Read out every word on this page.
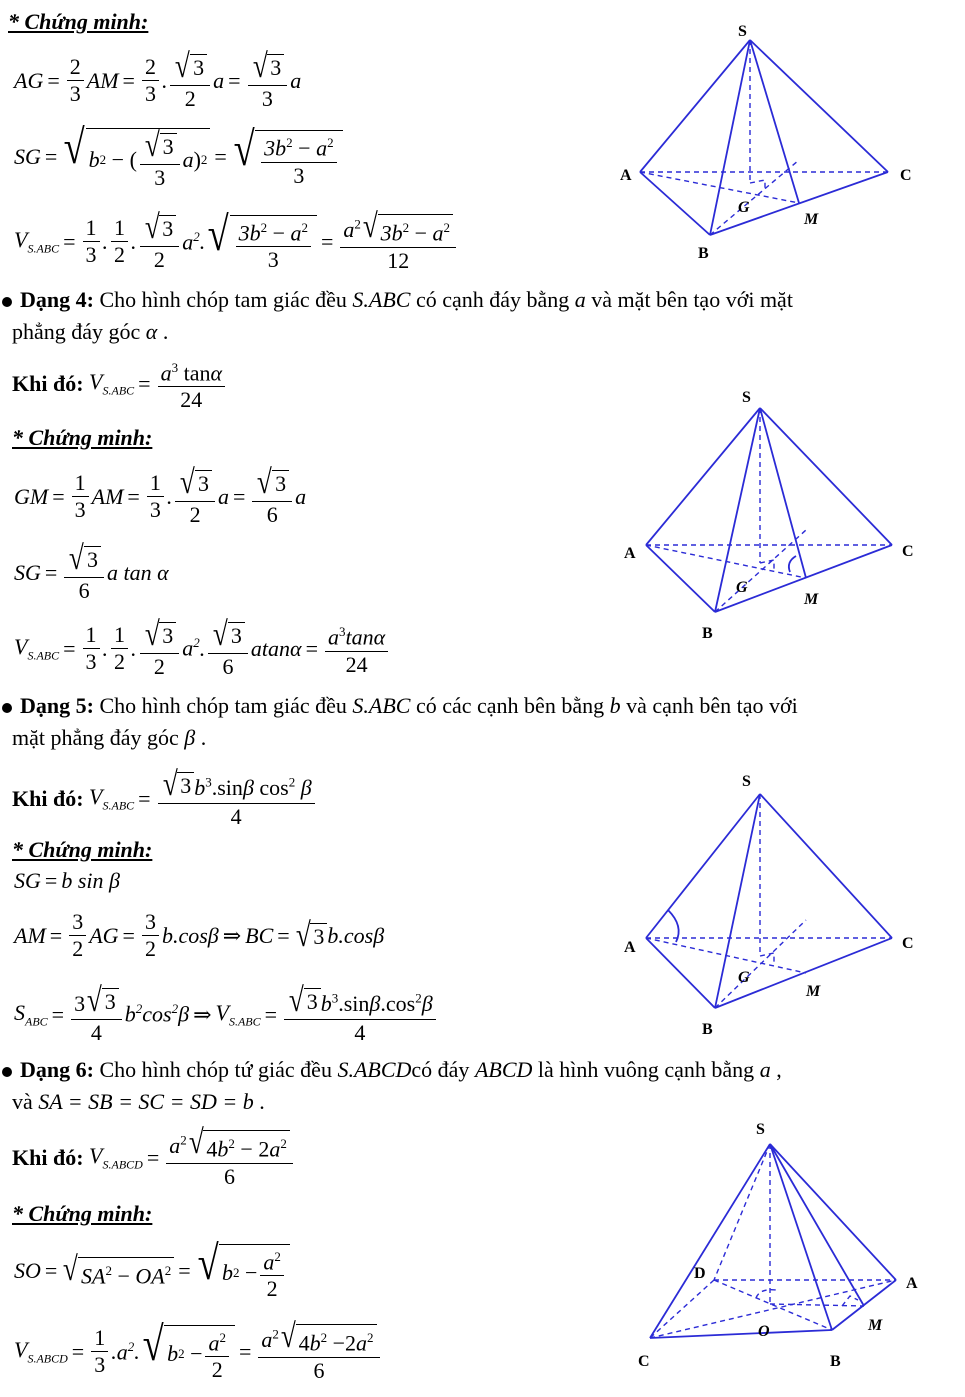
* Chứng minh:
AG = $\frac{2}{3}$ AM = $\frac{2}{3}$ . $\frac{√ 3}{2}$ $a = \frac{√ 3}{3}$ a
SG = √ b 2 − ( $\frac{√ 3}{3}$ a ) 2 = √ $\frac{3b^2 - a^2}{3}$
$V_{S.ABC} = \frac{1}{3}$ . $\frac{1}{2}$ . $\frac{√ 3}{2} a^2$ . √ $\frac{3b^2 - a^2}{3} = \frac{a^2 √ 3b^2 - a^2}{12}$
S
A	C
B
G
M
Dạng 4: Cho hình chóp tam giác đều S.ABC có cạnh đáy bằng a và mặt bên tạo với mặt
phẳng đáy góc α .
Khi đó:
$V_{S.ABC} = \frac{a^3 \tan\alpha}{24}$
* Chứng minh:
GM = $\frac{1}{3}$ AM = $\frac{1}{3}$ . $\frac{√ 3}{2}$ $a = \frac{√ 3}{6}$ a
SG = $\frac{√ 3}{6}$ a tan α
$V_{S.ABC} = \frac{1}{3}$ . $\frac{1}{2}$ . $\frac{√ 3}{2} a^2$ . $\frac{√ 3}{6}$ $atan\alpha = \frac{a^3\tan\alpha}{24}$
S
A	C
B
G
M
Dạng 5: Cho hình chóp tam giác đều S.ABC có các cạnh bên bằng b và cạnh bên tạo với
mặt phẳng đáy góc β .
Khi đó:
$V_{S.ABC} = \frac{√ 3 b^3.\sin\beta \cos^2 \beta}{4}$
* Chứng minh:
SG = b sin β
AM = $\frac{3}{2}$ AG = $\frac{3}{2} b.\cos\beta$ ⇒ BC = √ 3 b.cosβ
$S_{ABC} = \frac{3 √ 3}{4} b^2\cos^2\beta$ ⇒ $V_{S.ABC} = \frac{√ 3 b^3.\sin\beta.\cos^2\beta}{4}$
S
A	C
B
G
M
Dạng 6: Cho hình chóp tứ giác đều S.ABCDcó đáy ABCD là hình vuông cạnh bằng a ,
và SA = SB = SC = SD = b .
Khi đó:
$V_{S.ABCD} = \frac{a^2 √ 4b^2 - 2a^2}{6}$
* Chứng minh:
SO = √ $SA^2 - OA^2$ = √ b $2 - \frac{a^2}{2}$
$V_{S.ABCD} = \frac{1}{3}$ . $a^2$ . √ b $2 - \frac{a^2}{2} = \frac{a^2 √ 4b^2 -2a^2}{6}$
S
D
A
C	B
O	M
